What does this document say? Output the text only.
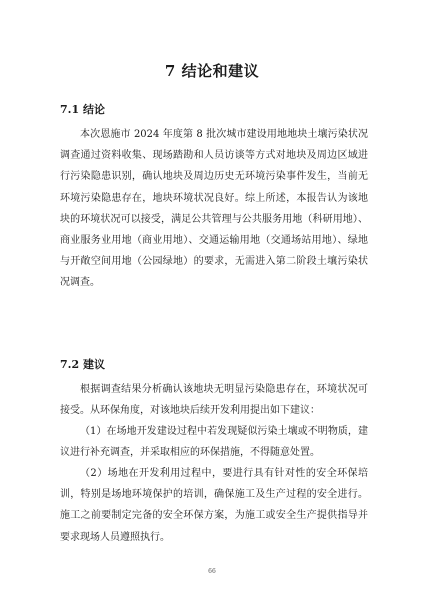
7 结论和建议
7.1 结论

本次恩施市 2024 年度第 8 批次城市建设用地地块土壤污染状况调查通过资料收集、现场踏勘和人员访谈等方式对地块及周边区域进行污染隐患识别，确认地块及周边历史无环境污染事件发生，当前无环境污染隐患存在，地块环境状况良好。综上所述，本报告认为该地块的环境状况可以接受，满足公共管理与公共服务用地（科研用地）、商业服务业用地（商业用地）、交通运输用地（交通场站用地）、绿地与开敞空间用地（公园绿地）的要求，无需进入第二阶段土壤污染状况调查。

7.2 建议

根据调查结果分析确认该地块无明显污染隐患存在，环境状况可接受。从环保角度，对该地块后续开发利用提出如下建议：

（1）在场地开发建设过程中若发现疑似污染土壤或不明物质，建议进行补充调查，并采取相应的环保措施，不得随意处置。

（2）场地在开发利用过程中，要进行具有针对性的安全环保培训，特别是场地环境保护的培训，确保施工及生产过程的安全进行。施工之前要制定完备的安全环保方案，为施工或安全生产提供指导并要求现场人员遵照执行。

66
